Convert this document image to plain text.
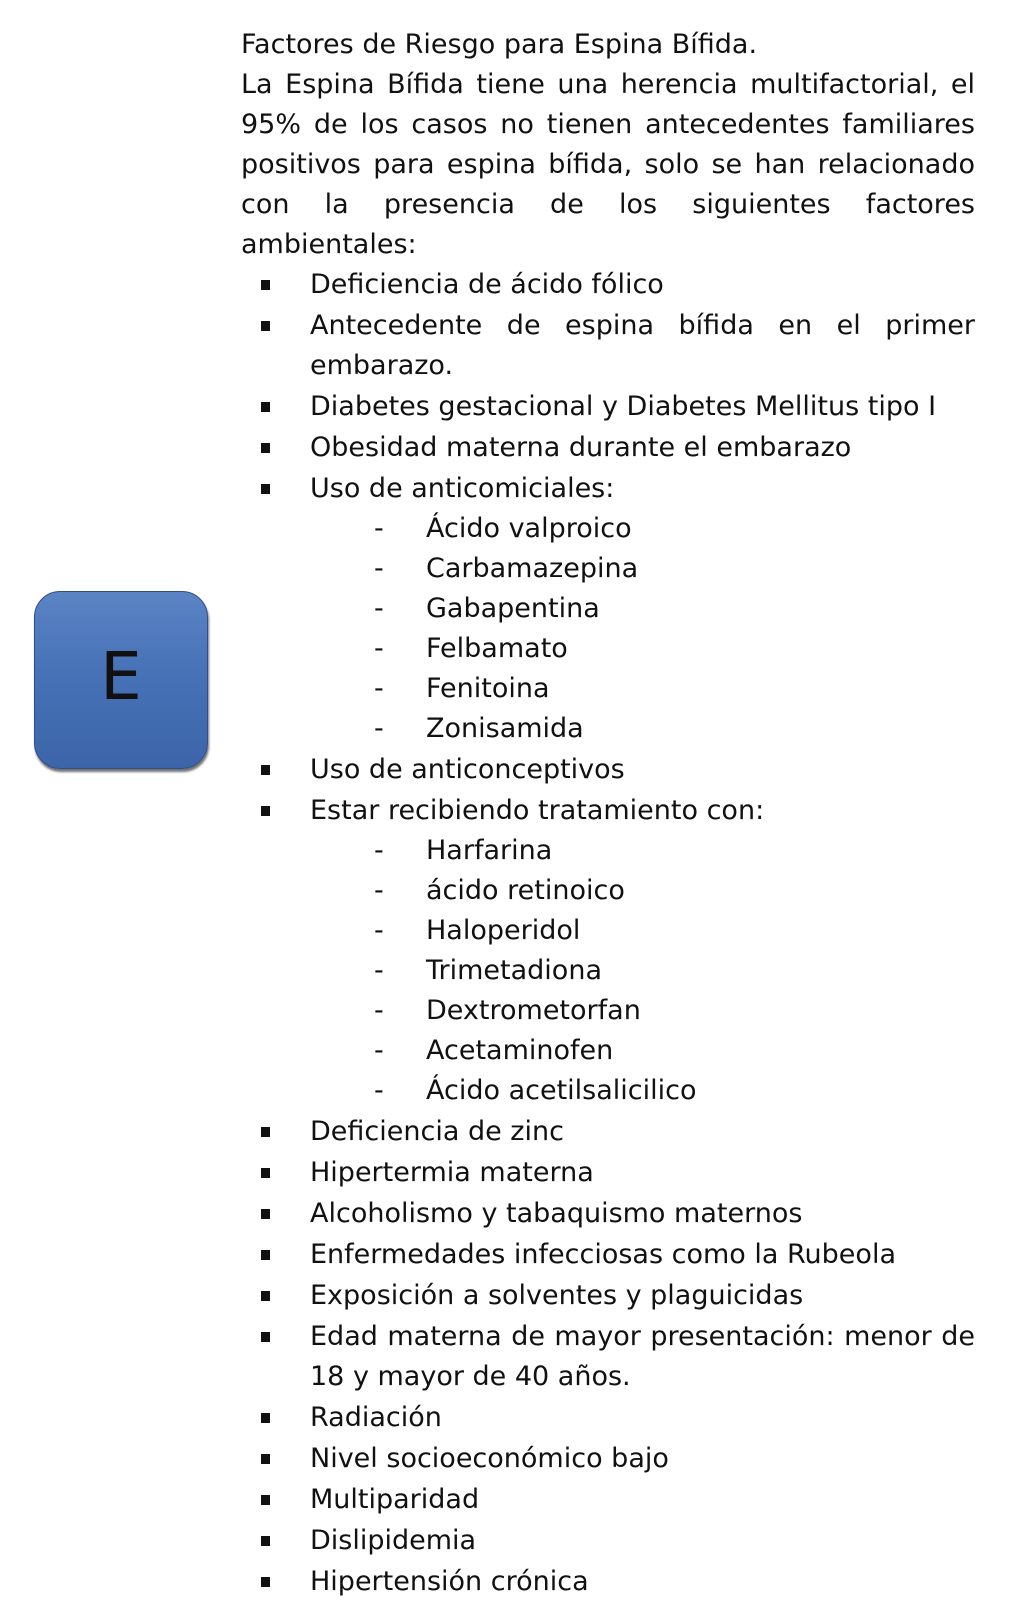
E

Factores de Riesgo para Espina Bífida.

La Espina Bífida tiene una herencia multifactorial, el 95% de los casos no tienen antecedentes familiares positivos para espina bífida, solo se han relacionado con la presencia de los siguientes factores ambientales:

Deficiencia de ácido fólico
Antecedente de espina bífida en el primer embarazo.
Diabetes gestacional y Diabetes Mellitus tipo I
Obesidad materna durante el embarazo
Uso de anticomiciales:
- Ácido valproico
- Carbamazepina
- Gabapentina
- Felbamato
- Fenitoina
- Zonisamida
Uso de anticonceptivos
Estar recibiendo tratamiento con:
- Harfarina
- ácido retinoico
- Haloperidol
- Trimetadiona
- Dextrometorfan
- Acetaminofen
- Ácido acetilsalicilico
Deficiencia de zinc
Hipertermia materna
Alcoholismo y tabaquismo maternos
Enfermedades infecciosas como la Rubeola
Exposición a solventes y plaguicidas
Edad materna de mayor presentación: menor de 18 y mayor de 40 años.
Radiación
Nivel socioeconómico bajo
Multiparidad
Dislipidemia
Hipertensión crónica
